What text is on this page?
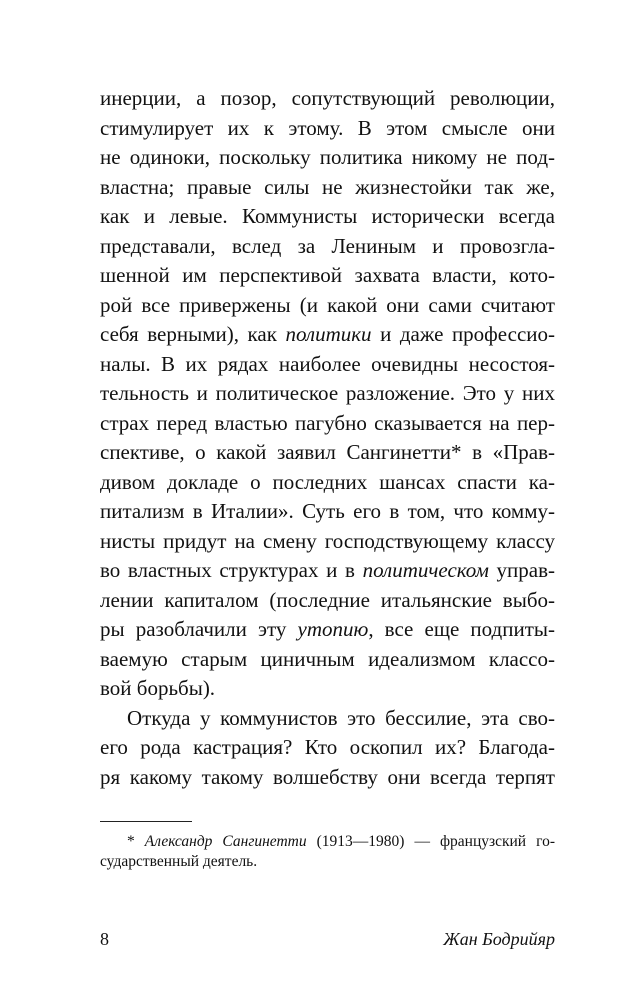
инерции, а позор, сопутствующий революции,
стимулирует их к этому. В этом смысле они
не одиноки, поскольку политика никому не под-
властна; правые силы не жизнестойки так же,
как и левые. Коммунисты исторически всегда
представали, вслед за Лениным и провозгла-
шенной им перспективой захвата власти, кото-
рой все привержены (и какой они сами считают
себя верными), как политики и даже профессио-
налы. В их рядах наиболее очевидны несостоя-
тельность и политическое разложение. Это у них
страх перед властью пагубно сказывается на пер-
спективе, о какой заявил Сангинетти* в «Прав-
дивом докладе о последних шансах спасти ка-
питализм в Италии». Суть его в том, что комму-
нисты придут на смену господствующему классу
во властных структурах и в политическом управ-
лении капиталом (последние итальянские выбо-
ры разоблачили эту утопию, все еще подпиты-
ваемую старым циничным идеализмом классо-
вой борьбы).
Откуда у коммунистов это бессилие, эта сво-
его рода кастрация? Кто оскопил их? Благода-
ря какому такому волшебству они всегда терпят
* Александр Сангинетти (1913—1980) — французский го-
сударственный деятель.
8	Жан Бодрийяр
